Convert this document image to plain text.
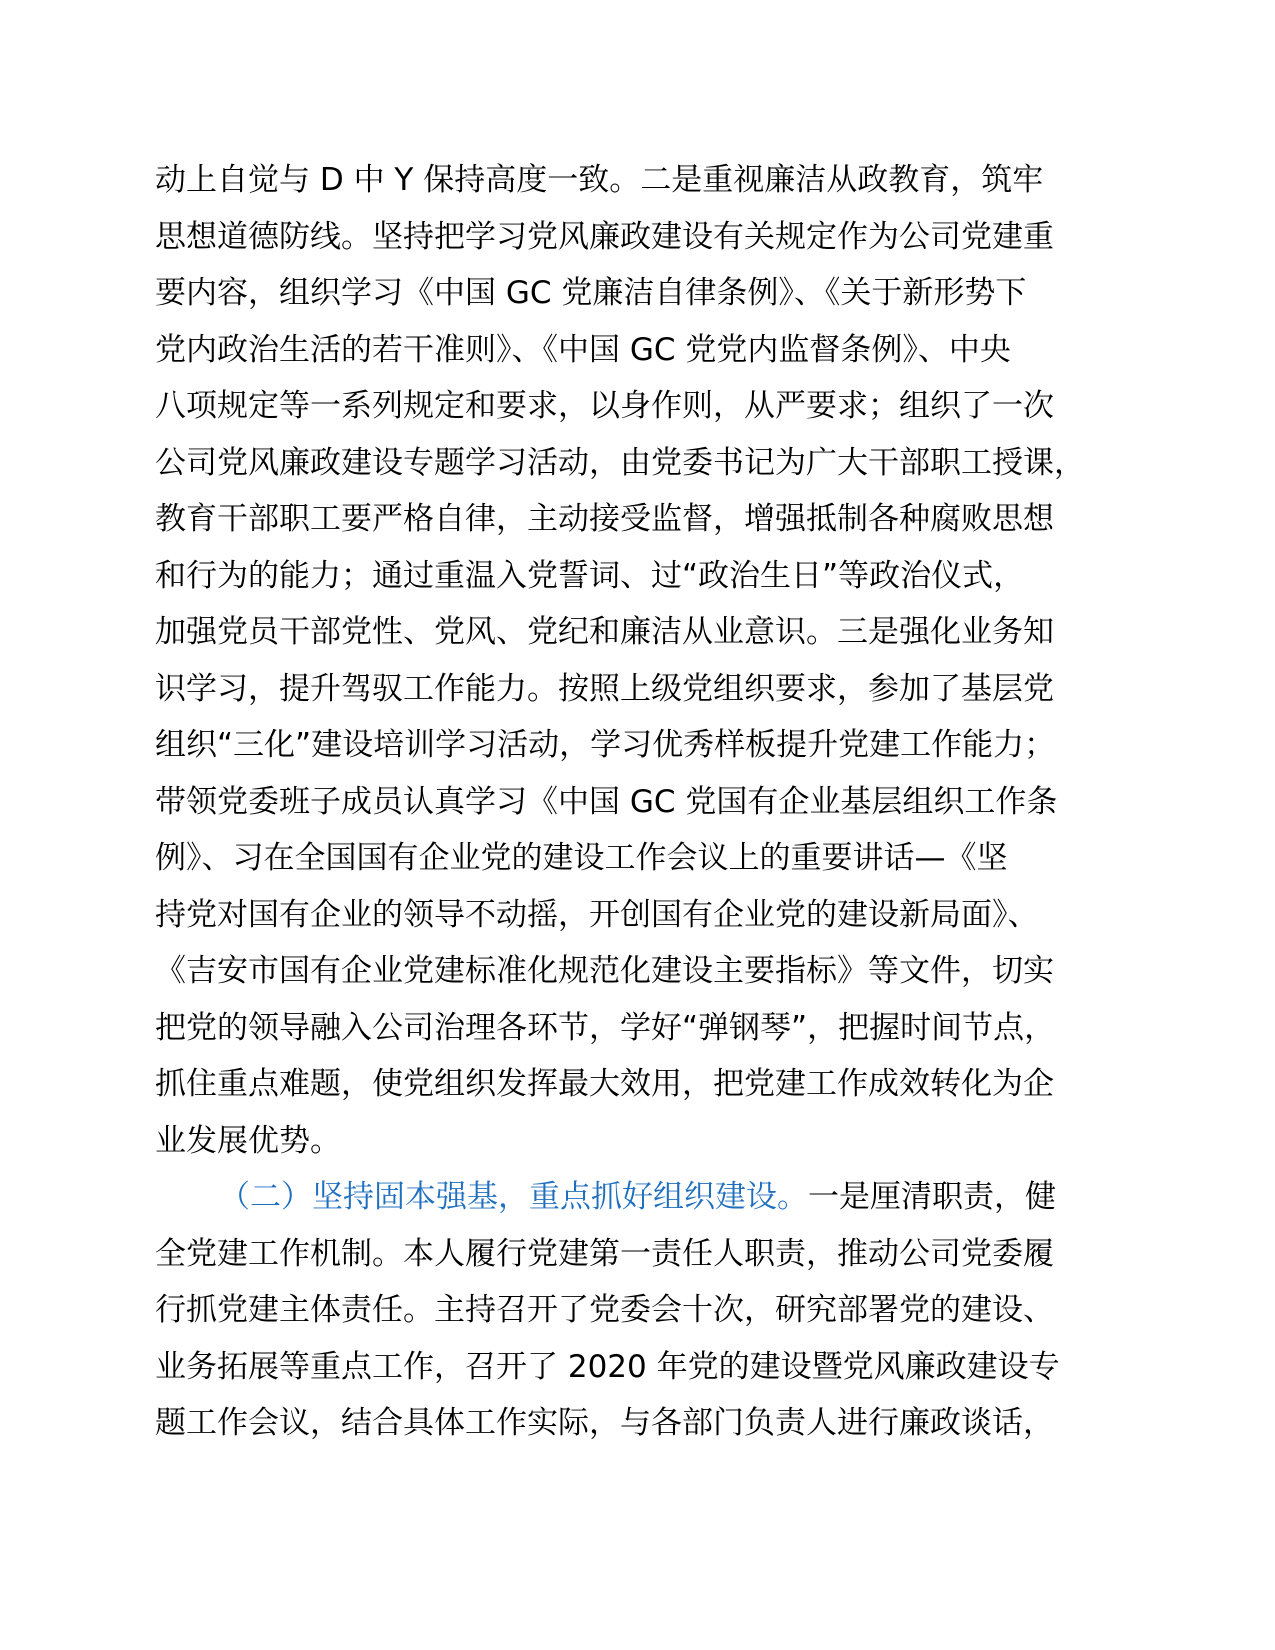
动上自觉与 D 中 Y 保持高度一致。二是重视廉洁从政教育，筑牢
思想道德防线。坚持把学习党风廉政建设有关规定作为公司党建重
要内容，组织学习《中国 GC 党廉洁自律条例》、《关于新形势下
党内政治生活的若干准则》、《中国 GC 党党内监督条例》、中央
八项规定等一系列规定和要求，以身作则，从严要求；组织了一次
公司党风廉政建设专题学习活动，由党委书记为广大干部职工授课，
教育干部职工要严格自律，主动接受监督，增强抵制各种腐败思想
和行为的能力；通过重温入党誓词、过“政治生日”等政治仪式，
加强党员干部党性、党风、党纪和廉洁从业意识。三是强化业务知
识学习，提升驾驭工作能力。按照上级党组织要求，参加了基层党
组织“三化”建设培训学习活动，学习优秀样板提升党建工作能力；
带领党委班子成员认真学习《中国 GC 党国有企业基层组织工作条
例》、习在全国国有企业党的建设工作会议上的重要讲话—《坚
持党对国有企业的领导不动摇，开创国有企业党的建设新局面》、
《吉安市国有企业党建标准化规范化建设主要指标》等文件，切实
把党的领导融入公司治理各环节，学好“弹钢琴”，把握时间节点，
抓住重点难题，使党组织发挥最大效用，把党建工作成效转化为企
业发展优势。
（二）坚持固本强基，重点抓好组织建设。一是厘清职责，健
全党建工作机制。本人履行党建第一责任人职责，推动公司党委履
行抓党建主体责任。主持召开了党委会十次，研究部署党的建设、
业务拓展等重点工作，召开了 2020 年党的建设暨党风廉政建设专
题工作会议，结合具体工作实际，与各部门负责人进行廉政谈话，
